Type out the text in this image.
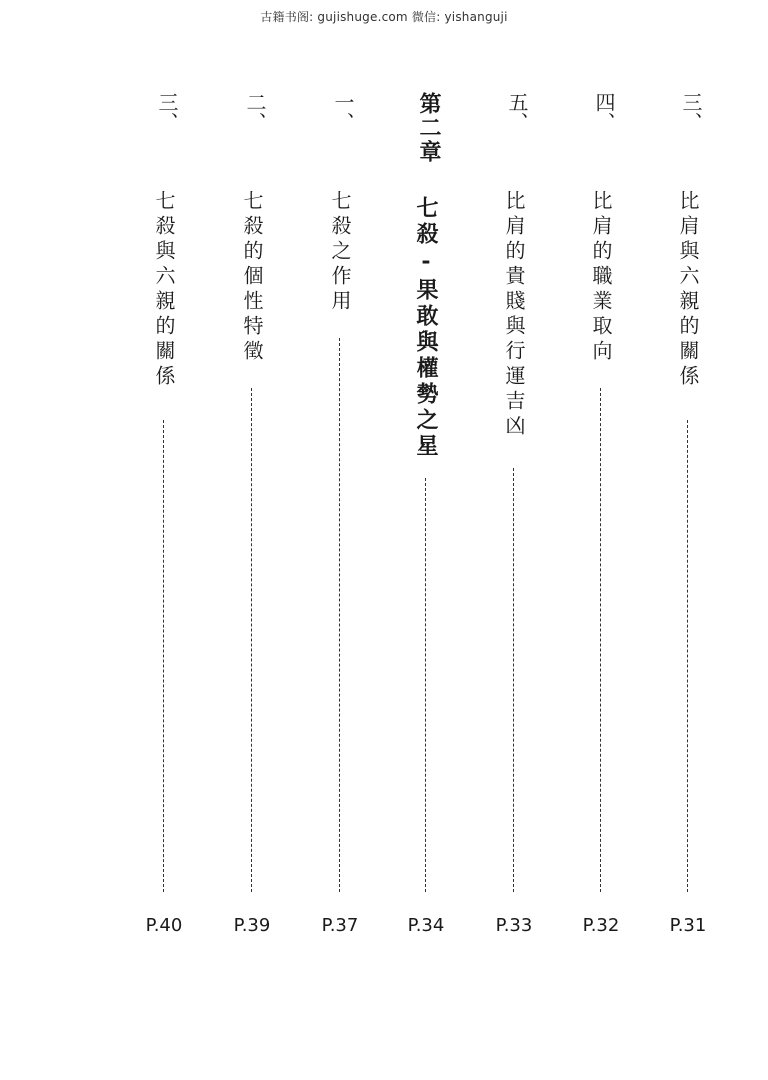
古籍书阁: gujishuge.com 微信: yishanguji
三、
比肩與六親的關係
P.31
四、
比肩的職業取向
P.32
五、
比肩的貴賤與行運吉凶
P.33
第二章
七殺-果敢與權勢之星
P.34
一、
七殺之作用
P.37
二、
七殺的個性特徵
P.39
三、
七殺與六親的關係
P.40
